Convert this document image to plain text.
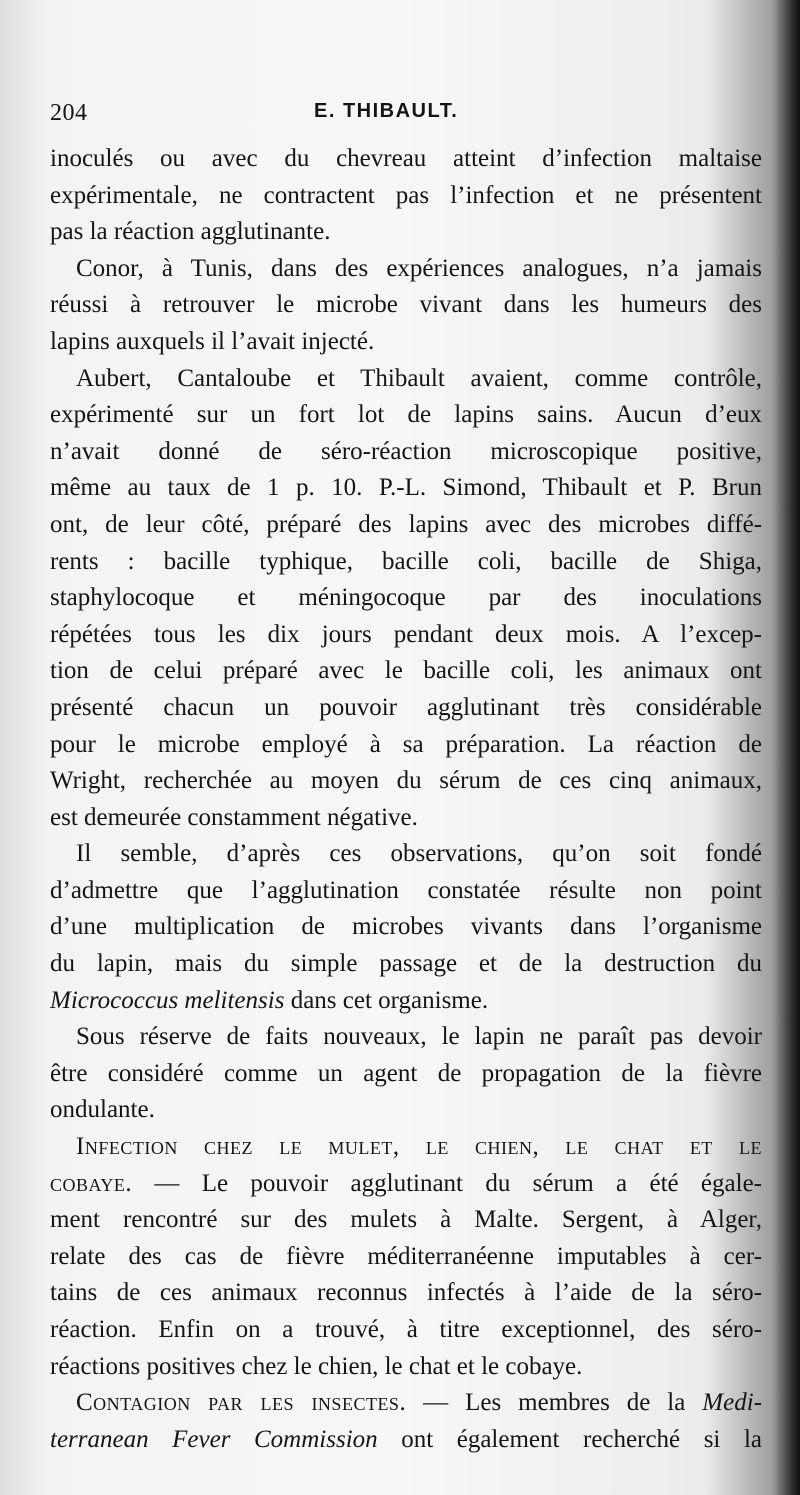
204	E. THIBAULT.
inoculés ou avec du chevreau atteint d’infection maltaise
expérimentale, ne contractent pas l’infection et ne présentent
pas la réaction agglutinante.
Conor, à Tunis, dans des expériences analogues, n’a jamais
réussi à retrouver le microbe vivant dans les humeurs des
lapins auxquels il l’avait injecté.
Aubert, Cantaloube et Thibault avaient, comme contrôle,
expérimenté sur un fort lot de lapins sains. Aucun d’eux
n’avait donné de séro-réaction microscopique positive,
même au taux de 1 p. 10. P.-L. Simond, Thibault et P. Brun
ont, de leur côté, préparé des lapins avec des microbes diffé-
rents : bacille typhique, bacille coli, bacille de Shiga,
staphylocoque et méningocoque par des inoculations
répétées tous les dix jours pendant deux mois. A l’excep-
tion de celui préparé avec le bacille coli, les animaux ont
présenté chacun un pouvoir agglutinant très considérable
pour le microbe employé à sa préparation. La réaction de
Wright, recherchée au moyen du sérum de ces cinq animaux,
est demeurée constamment négative.
Il semble, d’après ces observations, qu’on soit fondé
d’admettre que l’agglutination constatée résulte non point
d’une multiplication de microbes vivants dans l’organisme
du lapin, mais du simple passage et de la destruction du
Micrococcus melitensis dans cet organisme.
Sous réserve de faits nouveaux, le lapin ne paraît pas devoir
être considéré comme un agent de propagation de la fièvre
ondulante.
Infection chez le mulet, le chien, le chat et le
cobaye. — Le pouvoir agglutinant du sérum a été égale-
ment rencontré sur des mulets à Malte. Sergent, à Alger,
relate des cas de fièvre méditerranéenne imputables à cer-
tains de ces animaux reconnus infectés à l’aide de la séro-
réaction. Enfin on a trouvé, à titre exceptionnel, des séro-
réactions positives chez le chien, le chat et le cobaye.
Contagion par les insectes. — Les membres de la Medi-
terranean Fever Commission ont également recherché si la
